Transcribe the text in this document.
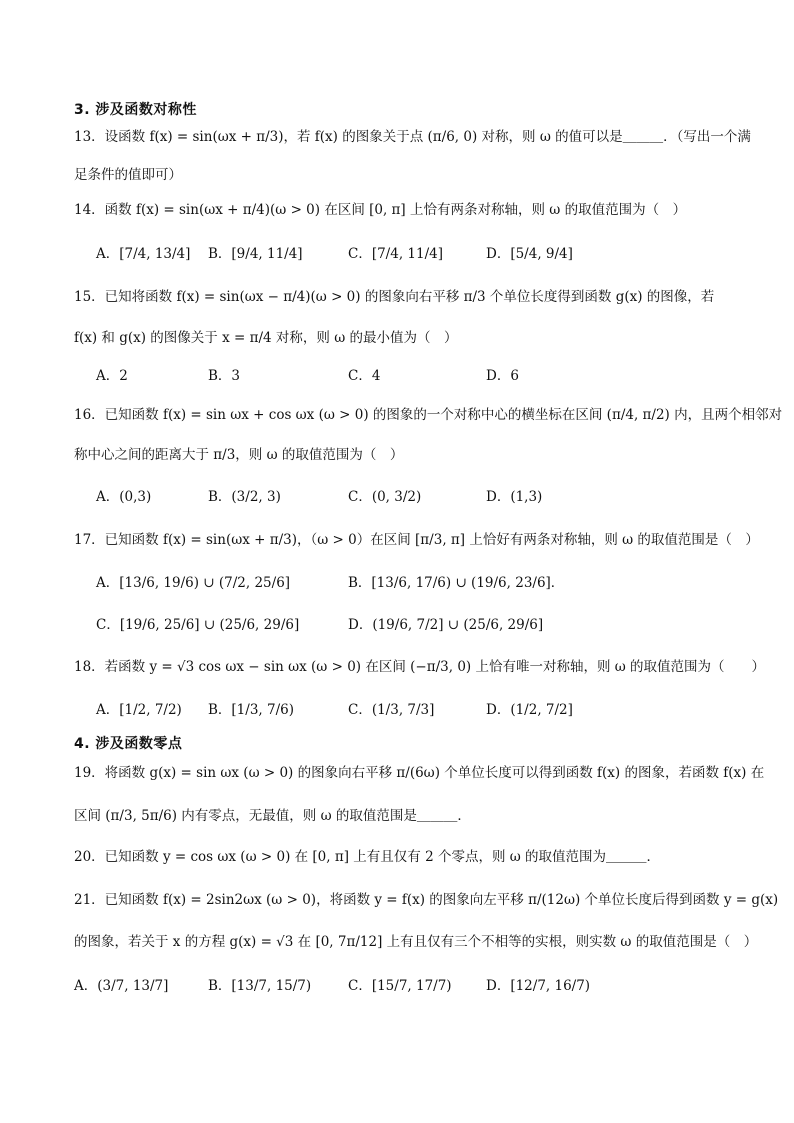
3. 涉及函数对称性
13．设函数 f(x) = sin(ωx + π/3)，若 f(x) 的图象关于点 (π/6, 0) 对称，则 ω 的值可以是＿＿＿．（写出一个满
足条件的值即可）
14．函数 f(x) = sin(ωx + π/4)(ω > 0) 在区间 [0, π] 上恰有两条对称轴，则 ω 的取值范围为（　）
A．[7/4, 13/4] B．[9/4, 11/4]	C．[7/4, 11/4]	D．[5/4, 9/4]
15．已知将函数 f(x) = sin(ωx − π/4)(ω > 0) 的图象向右平移 π/3 个单位长度得到函数 g(x) 的图像，若
f(x) 和 g(x) 的图像关于 x = π/4 对称，则 ω 的最小值为（　）
A．2	B．3	C．4	D．6
16．已知函数 f(x) = sin ωx + cos ωx (ω > 0) 的图象的一个对称中心的横坐标在区间 (π/4, π/2) 内，且两个相邻对
称中心之间的距离大于 π/3，则 ω 的取值范围为（　）
A．(0,3)	B．(3/2, 3)	C．(0, 3/2)	D．(1,3)
17．已知函数 f(x) = sin(ωx + π/3)，（ω > 0）在区间 [π/3, π] 上恰好有两条对称轴，则 ω 的取值范围是（　）
A．[13/6, 19/6) ∪ (7/2, 25/6]	B．[13/6, 17/6) ∪ (19/6, 23/6]．
C．[19/6, 25/6] ∪ (25/6, 29/6]	D．(19/6, 7/2] ∪ (25/6, 29/6]
18．若函数 y = √3 cos ωx − sin ωx (ω > 0) 在区间 (−π/3, 0) 上恰有唯一对称轴，则 ω 的取值范围为（　　）
A．[1/2, 7/2) B．[1/3, 7/6)	C．(1/3, 7/3]	D．(1/2, 7/2]
4. 涉及函数零点
19．将函数 g(x) = sin ωx (ω > 0) 的图象向右平移 π/(6ω) 个单位长度可以得到函数 f(x) 的图象，若函数 f(x) 在
区间 (π/3, 5π/6) 内有零点，无最值，则 ω 的取值范围是＿＿＿．
20．已知函数 y = cos ωx (ω > 0) 在 [0, π] 上有且仅有 2 个零点，则 ω 的取值范围为＿＿＿．
21．已知函数 f(x) = 2sin2ωx (ω > 0)，将函数 y = f(x) 的图象向左平移 π/(12ω) 个单位长度后得到函数 y = g(x)
的图象，若关于 x 的方程 g(x) = √3 在 [0, 7π/12] 上有且仅有三个不相等的实根，则实数 ω 的取值范围是（　）
A．(3/7, 13/7]	B．[13/7, 15/7)	C．[15/7, 17/7)	D．[12/7, 16/7)
